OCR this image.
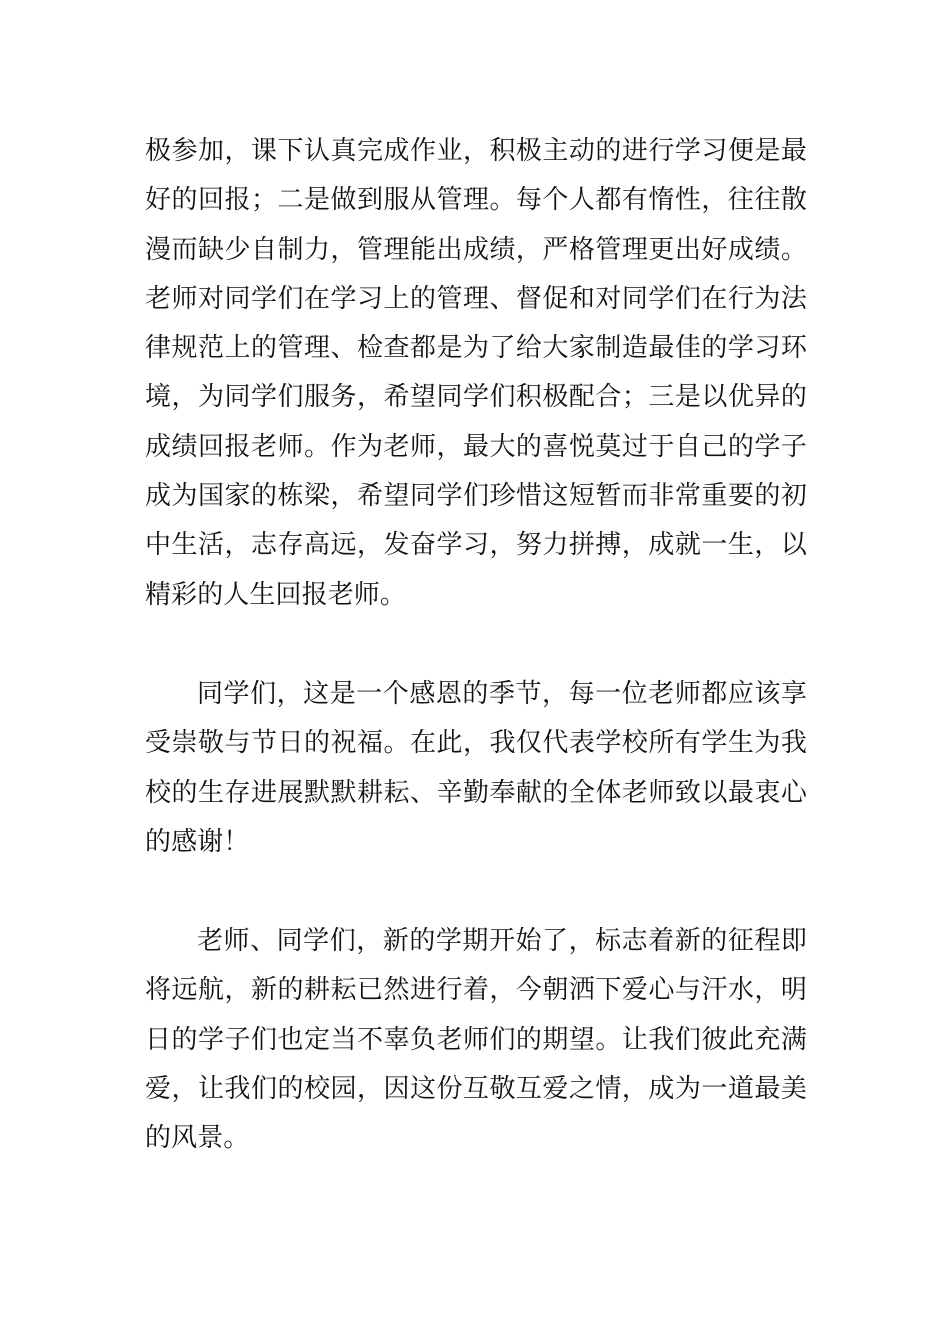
极参加，课下认真完成作业，积极主动的进行学习便是最好的回报；二是做到服从管理。每个人都有惰性，往往散漫而缺少自制力，管理能出成绩，严格管理更出好成绩。老师对同学们在学习上的管理、督促和对同学们在行为法律规范上的管理、检查都是为了给大家制造最佳的学习环境，为同学们服务，希望同学们积极配合；三是以优异的成绩回报老师。作为老师，最大的喜悦莫过于自己的学子成为国家的栋梁，希望同学们珍惜这短暂而非常重要的初中生活，志存高远，发奋学习，努力拼搏，成就一生，以精彩的人生回报老师。

同学们，这是一个感恩的季节，每一位老师都应该享受崇敬与节日的祝福。在此，我仅代表学校所有学生为我校的生存进展默默耕耘、辛勤奉献的全体老师致以最衷心的感谢！

老师、同学们，新的学期开始了，标志着新的征程即将远航，新的耕耘已然进行着，今朝洒下爱心与汗水，明日的学子们也定当不辜负老师们的期望。让我们彼此充满爱，让我们的校园，因这份互敬互爱之情，成为一道最美的风景。
